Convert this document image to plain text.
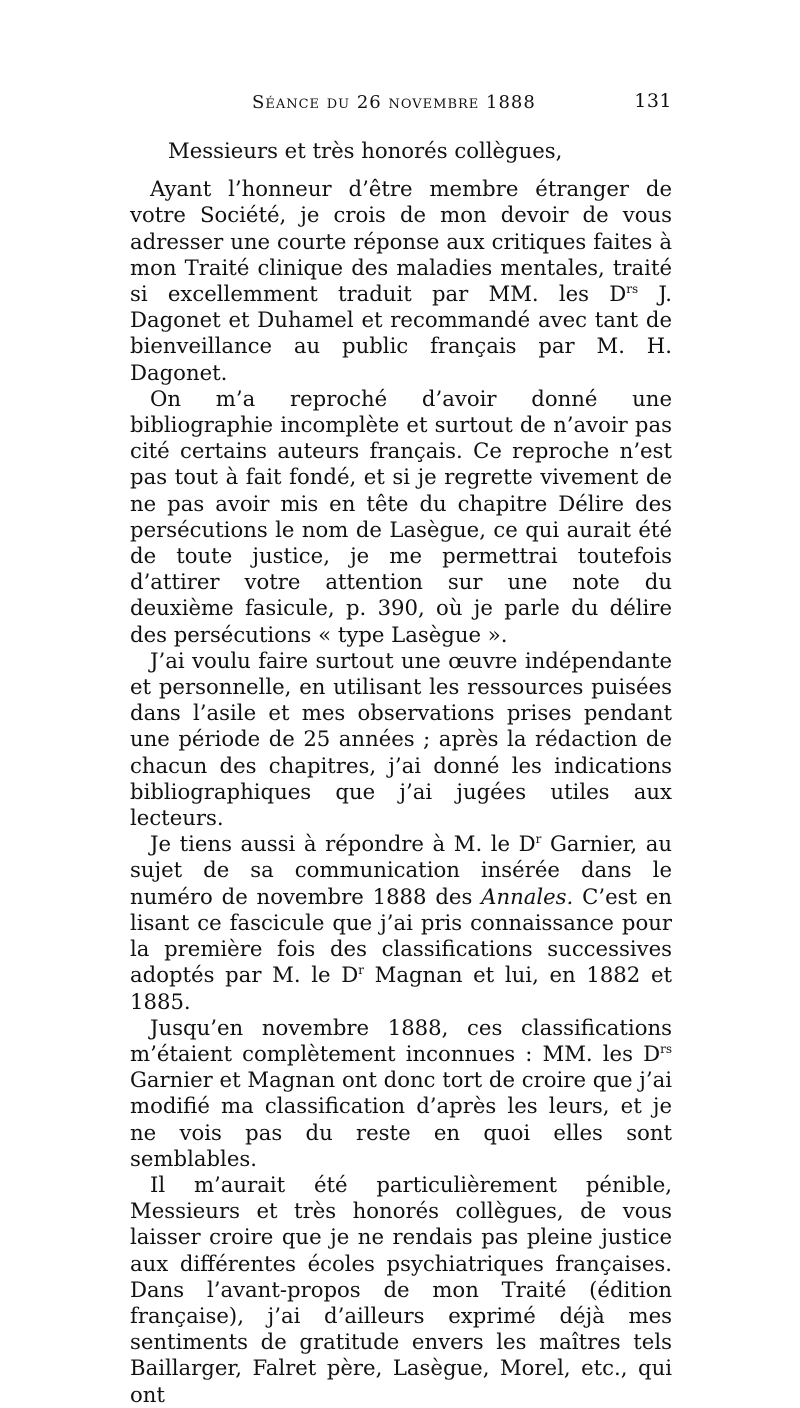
Séance du 26 novembre 1888	131

Messieurs et très honorés collègues,

Ayant l’honneur d’être membre étranger de votre Société, je crois de mon devoir de vous adresser une courte réponse aux critiques faites à mon Traité clinique des maladies mentales, traité si excellemment traduit par MM. les $D^{rs}$ J. Dagonet et Duhamel et recommandé avec tant de bienveillance au public français par M. H. Dagonet.

On m’a reproché d’avoir donné une bibliographie incomplète et surtout de n’avoir pas cité certains auteurs français. Ce reproche n’est pas tout à fait fondé, et si je regrette vivement de ne pas avoir mis en tête du chapitre Délire des persécutions le nom de Lasègue, ce qui aurait été de toute justice, je me permettrai toutefois d’attirer votre attention sur une note du deuxième fasicule, p. 390, où je parle du délire des persécutions « type Lasègue ».

J’ai voulu faire surtout une œuvre indépendante et personnelle, en utilisant les ressources puisées dans l’asile et mes observations prises pendant une période de 25 années ; après la rédaction de chacun des chapitres, j’ai donné les indications bibliographiques que j’ai jugées utiles aux lecteurs.

Je tiens aussi à répondre à M. le $D^r$ Garnier, au sujet de sa communication insérée dans le numéro de novembre 1888 des Annales. C’est en lisant ce fascicule que j’ai pris connaissance pour la première fois des classifications successives adoptés par M. le $D^r$ Magnan et lui, en 1882 et 1885.

Jusqu’en novembre 1888, ces classifications m’étaient complètement inconnues : MM. les $D^{rs}$ Garnier et Magnan ont donc tort de croire que j’ai modifié ma classification d’après les leurs, et je ne vois pas du reste en quoi elles sont semblables.

Il m’aurait été particulièrement pénible, Messieurs et très honorés collègues, de vous laisser croire que je ne rendais pas pleine justice aux différentes écoles psychiatriques françaises. Dans l’avant-propos de mon Traité (édition française), j’ai d’ailleurs exprimé déjà mes sentiments de gratitude envers les maîtres tels Baillarger, Falret père, Lasègue, Morel, etc., qui ont
